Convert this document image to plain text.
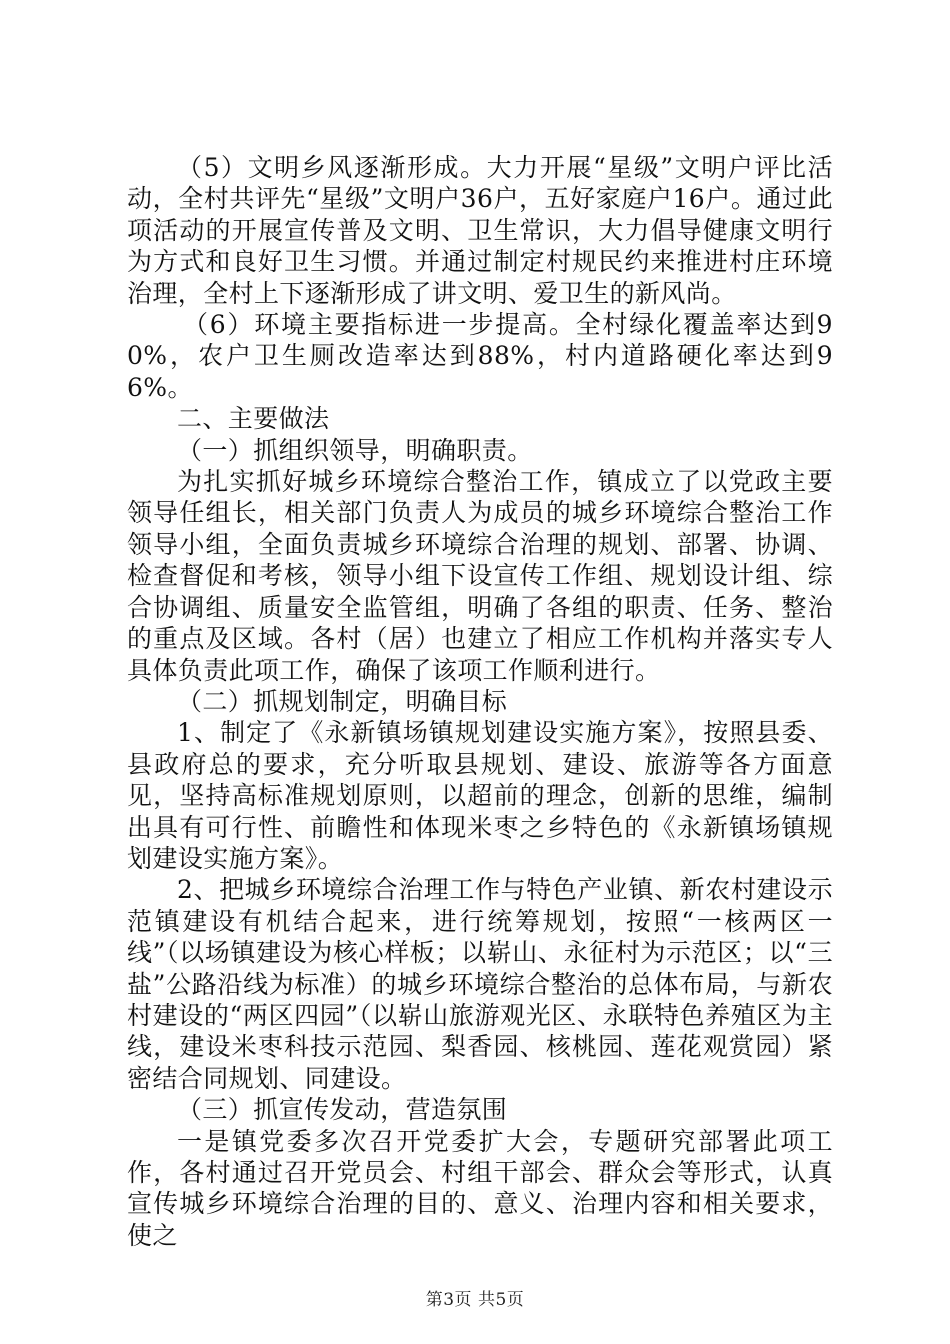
（5）文明乡风逐渐形成。大力开展“星级”文明户评比活动，全村共评先“星级”文明户36户，五好家庭户16户。通过此项活动的开展宣传普及文明、卫生常识，大力倡导健康文明行为方式和良好卫生习惯。并通过制定村规民约来推进村庄环境治理，全村上下逐渐形成了讲文明、爱卫生的新风尚。

（6）环境主要指标进一步提高。全村绿化覆盖率达到90%，农户卫生厕改造率达到88%，村内道路硬化率达到96%。

二、主要做法

（一）抓组织领导，明确职责。

为扎实抓好城乡环境综合整治工作，镇成立了以党政主要领导任组长，相关部门负责人为成员的城乡环境综合整治工作领导小组，全面负责城乡环境综合治理的规划、部署、协调、检查督促和考核，领导小组下设宣传工作组、规划设计组、综合协调组、质量安全监管组，明确了各组的职责、任务、整治的重点及区域。各村（居）也建立了相应工作机构并落实专人具体负责此项工作，确保了该项工作顺利进行。

（二）抓规划制定，明确目标

1、制定了《永新镇场镇规划建设实施方案》，按照县委、县政府总的要求，充分听取县规划、建设、旅游等各方面意见，坚持高标准规划原则，以超前的理念，创新的思维，编制出具有可行性、前瞻性和体现米枣之乡特色的《永新镇场镇规划建设实施方案》。

2、把城乡环境综合治理工作与特色产业镇、新农村建设示范镇建设有机结合起来，进行统筹规划，按照“一核两区一线”（以场镇建设为核心样板；以崭山、永征村为示范区；以“三盐”公路沿线为标准）的城乡环境综合整治的总体布局，与新农村建设的“两区四园”（以崭山旅游观光区、永联特色养殖区为主线，建设米枣科技示范园、梨香园、核桃园、莲花观赏园）紧密结合同规划、同建设。

（三）抓宣传发动，营造氛围

一是镇党委多次召开党委扩大会，专题研究部署此项工作，各村通过召开党员会、村组干部会、群众会等形式，认真宣传城乡环境综合治理的目的、意义、治理内容和相关要求，使之

第3页 共5页
